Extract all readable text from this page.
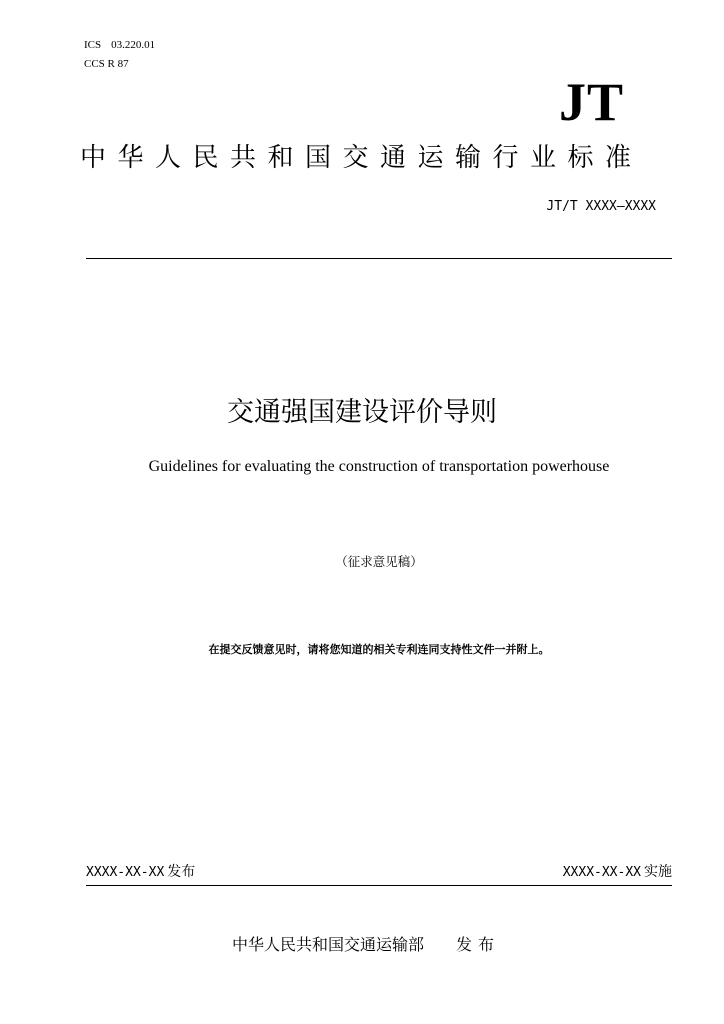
ICS 03.220.01
CCS R 87
JT
中华人民共和国交通运输行业标准
JT/T XXXX—XXXX
交通强国建设评价导则
Guidelines for evaluating the construction of transportation powerhouse
（征求意见稿）
在提交反馈意见时，请将您知道的相关专利连同支持性文件一并附上。
XXXX-XX-XX 发布	XXXX-XX-XX 实施
中华人民共和国交通运输部 发布
